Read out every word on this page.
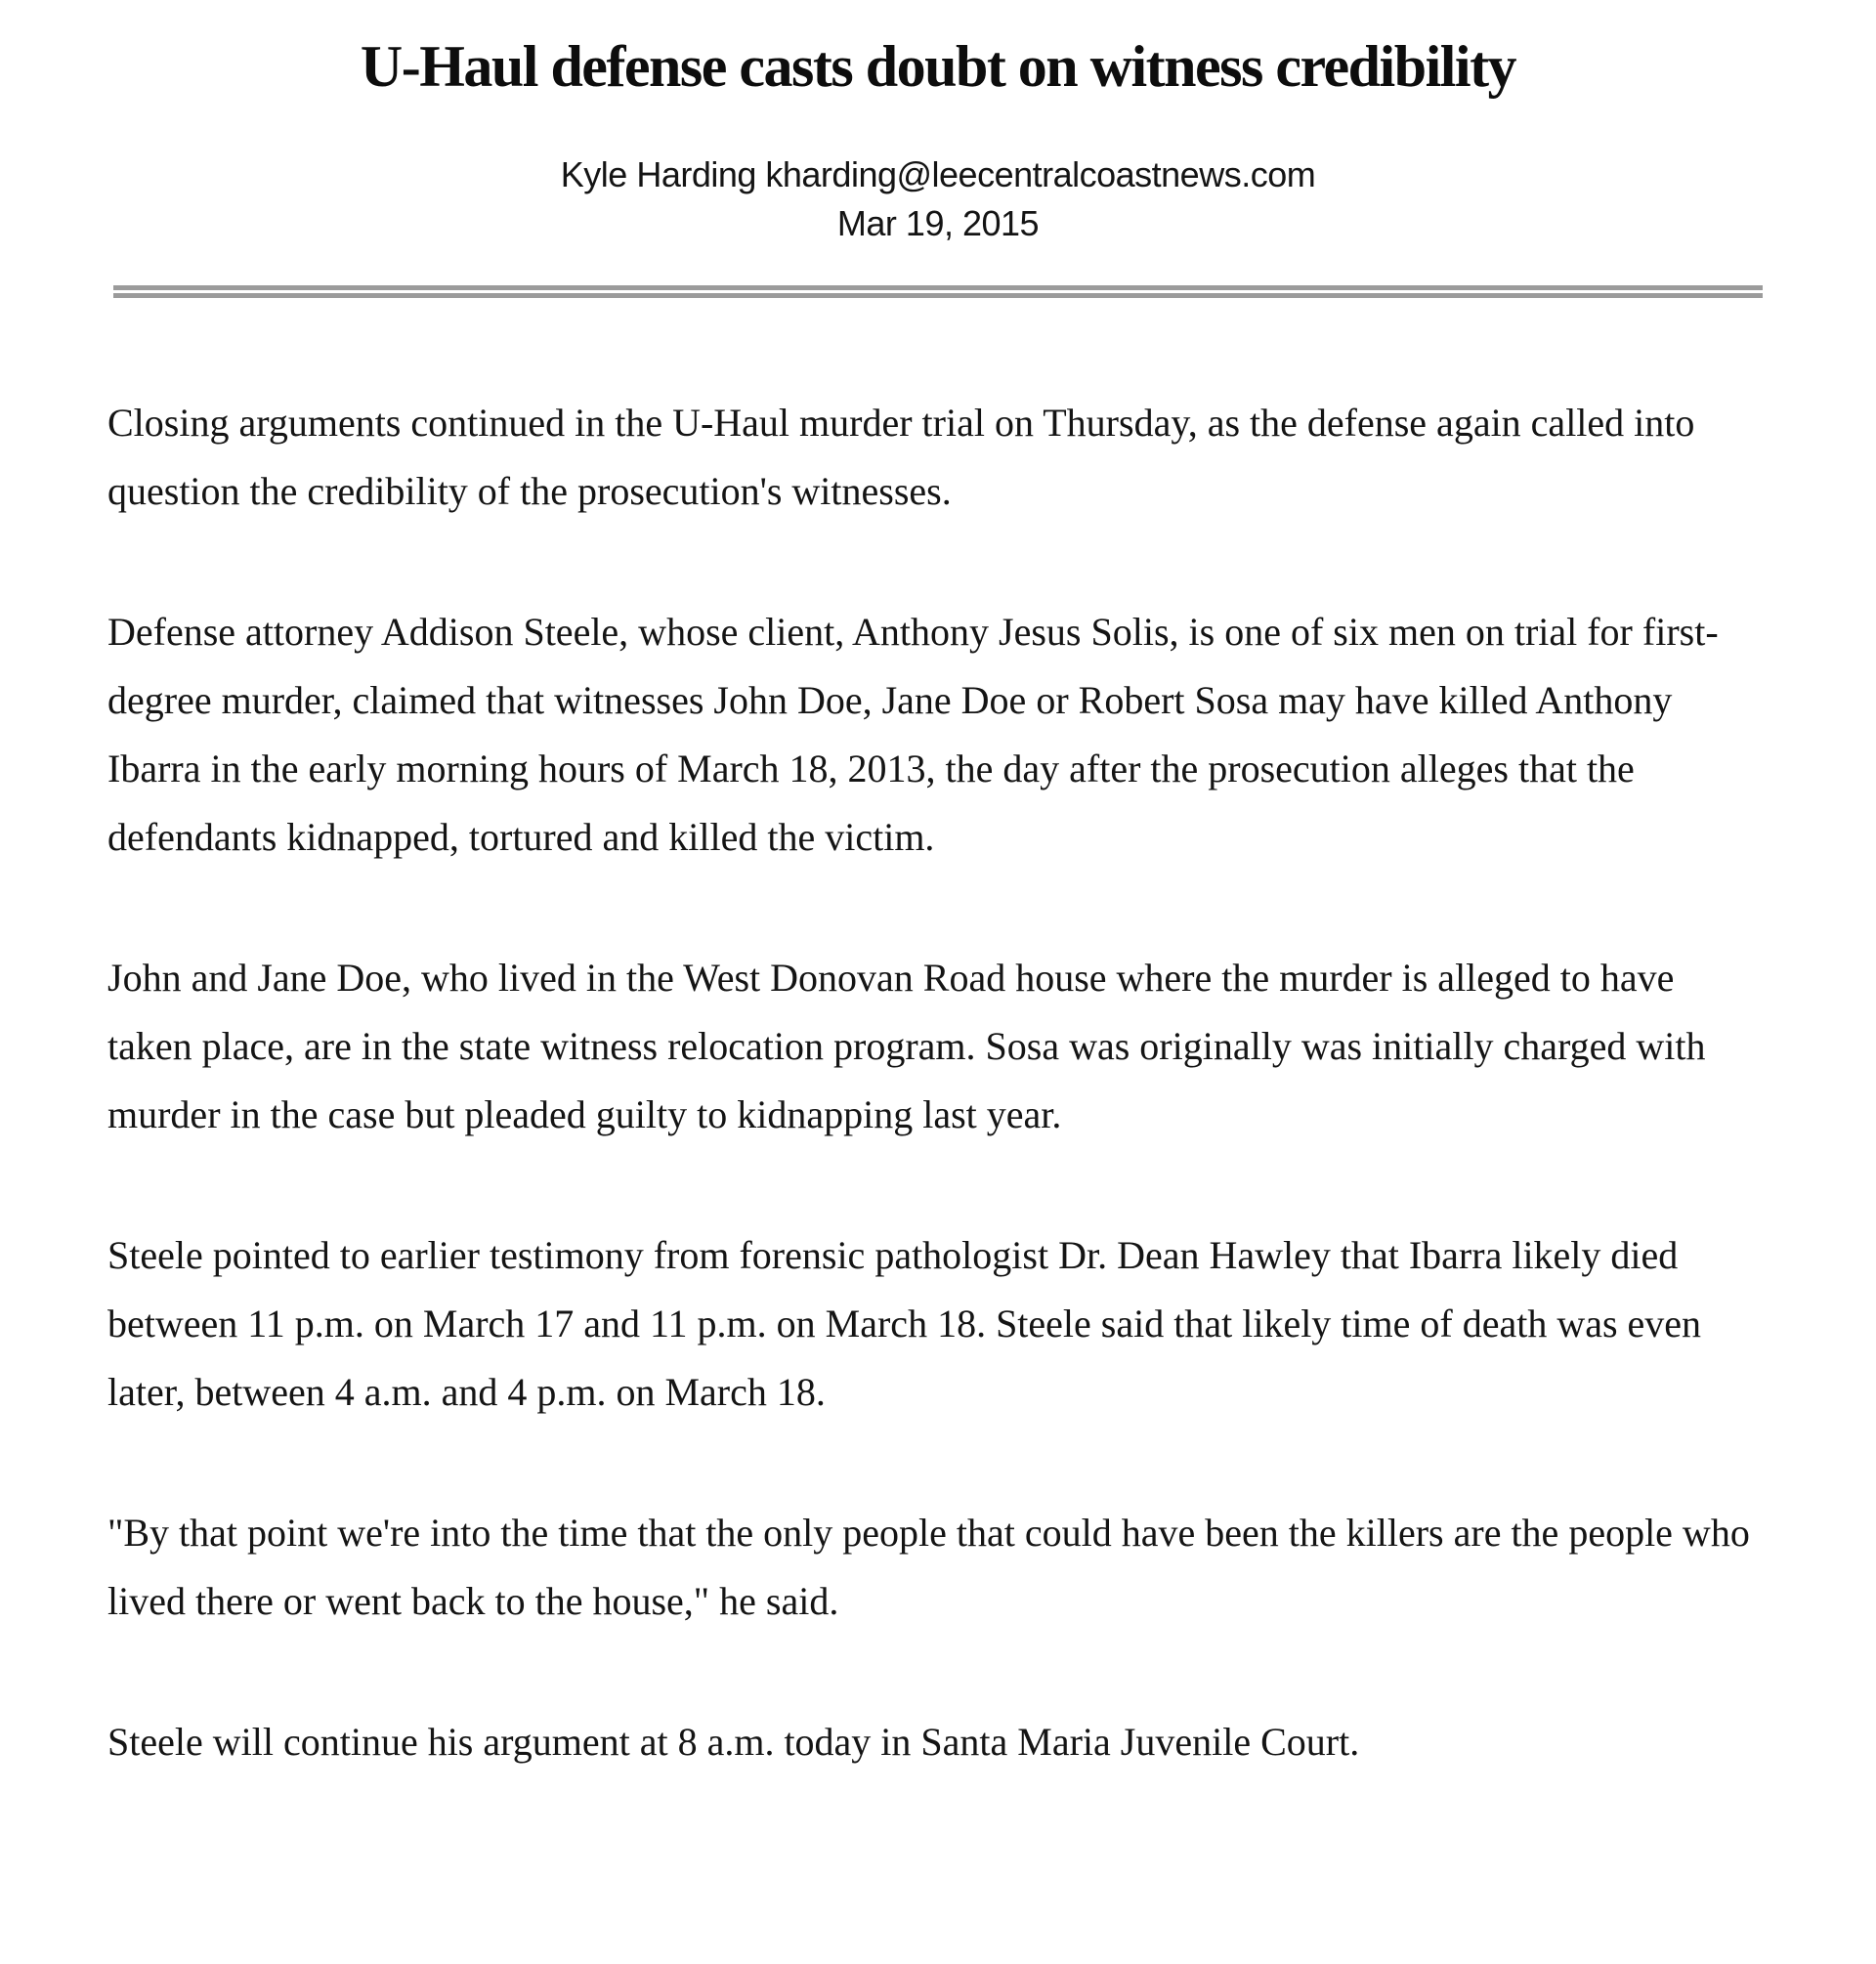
U-Haul defense casts doubt on witness credibility
Kyle Harding kharding@leecentralcoastnews.com
Mar 19, 2015

Closing arguments continued in the U-Haul murder trial on Thursday, as the defense again called into question the credibility of the prosecution's witnesses.

Defense attorney Addison Steele, whose client, Anthony Jesus Solis, is one of six men on trial for first-degree murder, claimed that witnesses John Doe, Jane Doe or Robert Sosa may have killed Anthony Ibarra in the early morning hours of March 18, 2013, the day after the prosecution alleges that the defendants kidnapped, tortured and killed the victim.

John and Jane Doe, who lived in the West Donovan Road house where the murder is alleged to have taken place, are in the state witness relocation program. Sosa was originally was initially charged with murder in the case but pleaded guilty to kidnapping last year.

Steele pointed to earlier testimony from forensic pathologist Dr. Dean Hawley that Ibarra likely died between 11 p.m. on March 17 and 11 p.m. on March 18. Steele said that likely time of death was even later, between 4 a.m. and 4 p.m. on March 18.

"By that point we're into the time that the only people that could have been the killers are the people who lived there or went back to the house," he said.

Steele will continue his argument at 8 a.m. today in Santa Maria Juvenile Court.
